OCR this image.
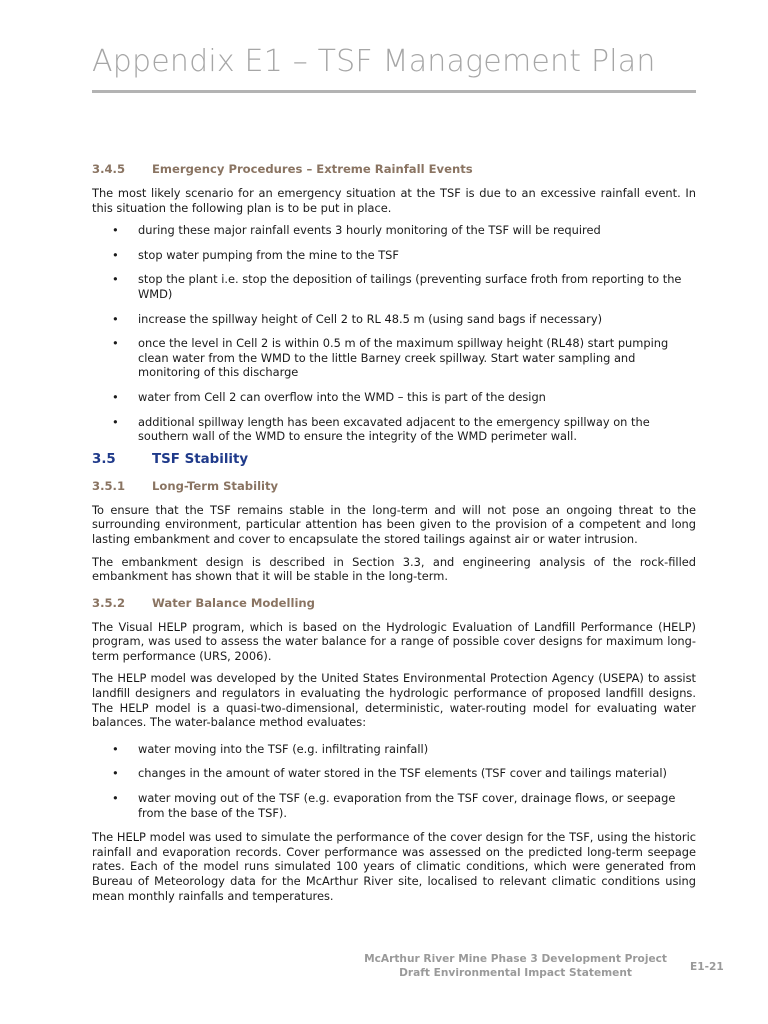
Appendix E1 – TSF Management Plan
3.4.5	Emergency Procedures – Extreme Rainfall Events

The most likely scenario for an emergency situation at the TSF is due to an excessive rainfall event. In this situation the following plan is to be put in place.

• during these major rainfall events 3 hourly monitoring of the TSF will be required
• stop water pumping from the mine to the TSF
• stop the plant i.e. stop the deposition of tailings (preventing surface froth from reporting to the WMD)
• increase the spillway height of Cell 2 to RL 48.5 m (using sand bags if necessary)
• once the level in Cell 2 is within 0.5 m of the maximum spillway height (RL48) start pumping clean water from the WMD to the little Barney creek spillway. Start water sampling and monitoring of this discharge
• water from Cell 2 can overflow into the WMD – this is part of the design
• additional spillway length has been excavated adjacent to the emergency spillway on the southern wall of the WMD to ensure the integrity of the WMD perimeter wall.
3.5	TSF Stability
3.5.1	Long-Term Stability

To ensure that the TSF remains stable in the long-term and will not pose an ongoing threat to the surrounding environment, particular attention has been given to the provision of a competent and long lasting embankment and cover to encapsulate the stored tailings against air or water intrusion.

The embankment design is described in Section 3.3, and engineering analysis of the rock-filled embankment has shown that it will be stable in the long-term.

3.5.2	Water Balance Modelling

The Visual HELP program, which is based on the Hydrologic Evaluation of Landfill Performance (HELP) program, was used to assess the water balance for a range of possible cover designs for maximum long-term performance (URS, 2006).

The HELP model was developed by the United States Environmental Protection Agency (USEPA) to assist landfill designers and regulators in evaluating the hydrologic performance of proposed landfill designs. The HELP model is a quasi-two-dimensional, deterministic, water-routing model for evaluating water balances. The water-balance method evaluates:

• water moving into the TSF (e.g. infiltrating rainfall)
• changes in the amount of water stored in the TSF elements (TSF cover and tailings material)
• water moving out of the TSF (e.g. evaporation from the TSF cover, drainage flows, or seepage from the base of the TSF).

The HELP model was used to simulate the performance of the cover design for the TSF, using the historic rainfall and evaporation records. Cover performance was assessed on the predicted long-term seepage rates. Each of the model runs simulated 100 years of climatic conditions, which were generated from Bureau of Meteorology data for the McArthur River site, localised to relevant climatic conditions using mean monthly rainfalls and temperatures.

McArthur River Mine Phase 3 Development Project
Draft Environmental Impact Statement	E1-21
